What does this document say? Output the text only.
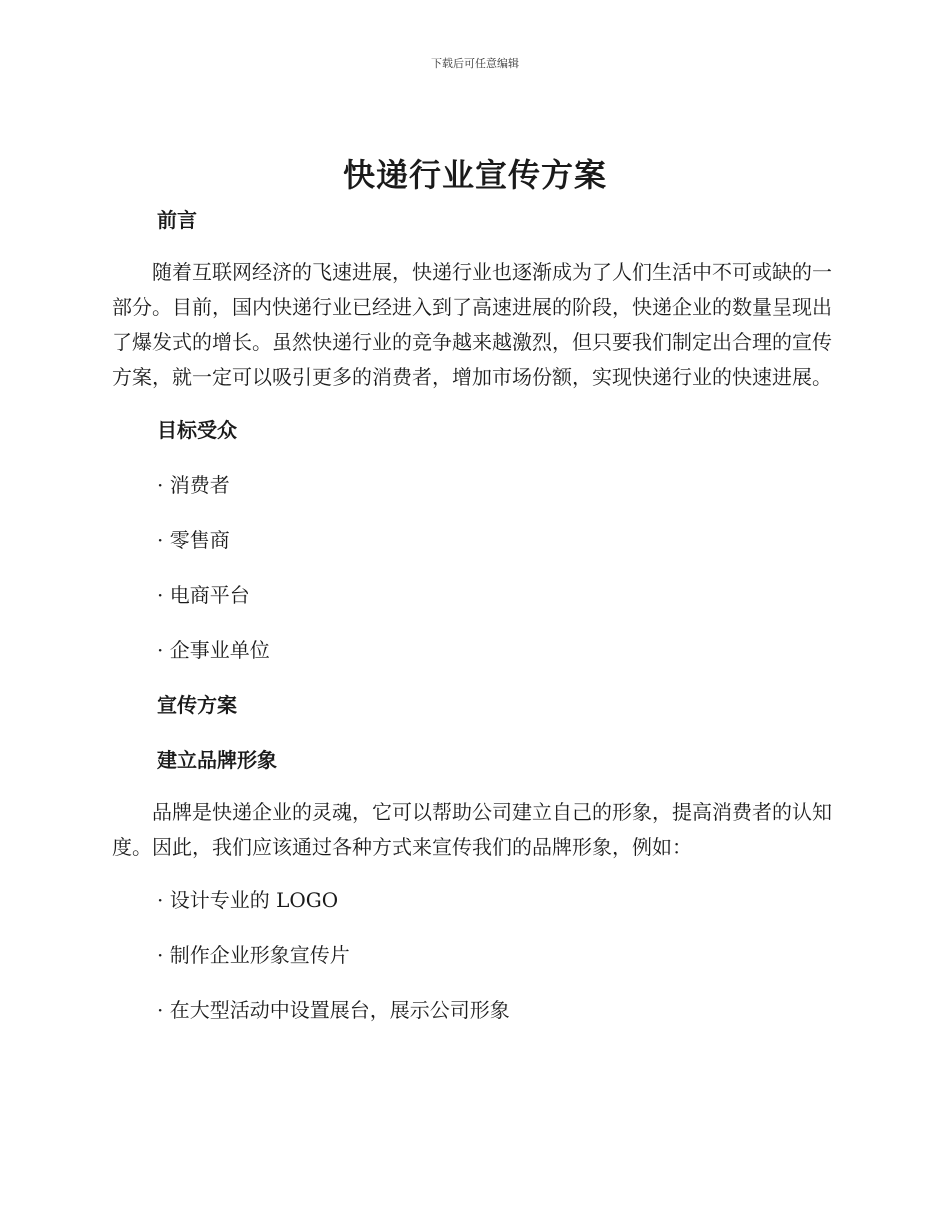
下载后可任意编辑
快递行业宣传方案
前言

随着互联网经济的飞速进展，快递行业也逐渐成为了人们生活中不可或缺的一部分。目前，国内快递行业已经进入到了高速进展的阶段，快递企业的数量呈现出了爆发式的增长。虽然快递行业的竞争越来越激烈，但只要我们制定出合理的宣传方案，就一定可以吸引更多的消费者，增加市场份额，实现快递行业的快速进展。

目标受众
· 消费者
· 零售商
· 电商平台
· 企事业单位
宣传方案
建立品牌形象

品牌是快递企业的灵魂，它可以帮助公司建立自己的形象，提高消费者的认知度。因此，我们应该通过各种方式来宣传我们的品牌形象，例如：

· 设计专业的 LOGO
· 制作企业形象宣传片
· 在大型活动中设置展台，展示公司形象
